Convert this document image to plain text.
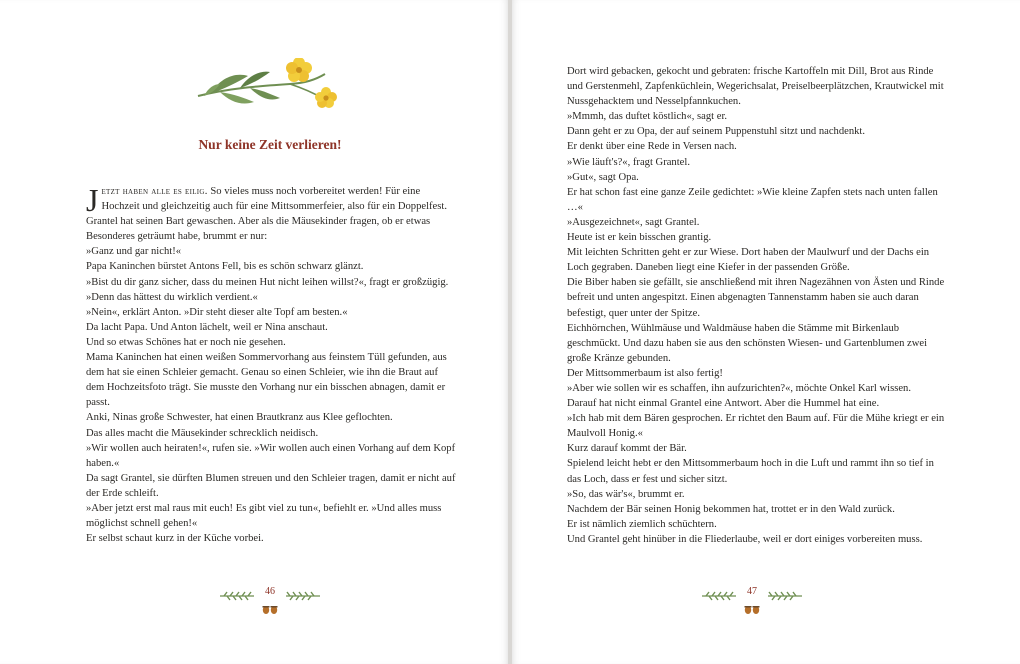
Nur keine Zeit verlieren!

Jetzt haben alle es eilig. So vieles muss noch vorbereitet werden! Für eine Hochzeit und gleichzeitig auch für eine Mittsommerfeier, also für ein Doppelfest.

Grantel hat seinen Bart gewaschen. Aber als die Mäusekinder fragen, ob er etwas Besonderes geträumt habe, brummt er nur:

»Ganz und gar nicht!«

Papa Kaninchen bürstet Antons Fell, bis es schön schwarz glänzt.

»Bist du dir ganz sicher, dass du meinen Hut nicht leihen willst?«, fragt er großzügig. »Denn das hättest du wirklich verdient.«

»Nein«, erklärt Anton. »Dir steht dieser alte Topf am besten.«

Da lacht Papa. Und Anton lächelt, weil er Nina anschaut.

Und so etwas Schönes hat er noch nie gesehen.

Mama Kaninchen hat einen weißen Sommervorhang aus feinstem Tüll gefunden, aus dem hat sie einen Schleier gemacht. Genau so einen Schleier, wie ihn die Braut auf dem Hochzeitsfoto trägt. Sie musste den Vorhang nur ein bisschen abnagen, damit er passt.

Anki, Ninas große Schwester, hat einen Brautkranz aus Klee geflochten.

Das alles macht die Mäusekinder schrecklich neidisch.

»Wir wollen auch heiraten!«, rufen sie. »Wir wollen auch einen Vorhang auf dem Kopf haben.«

Da sagt Grantel, sie dürften Blumen streuen und den Schleier tragen, damit er nicht auf der Erde schleift.

»Aber jetzt erst mal raus mit euch! Es gibt viel zu tun«, befiehlt er. »Und alles muss möglichst schnell gehen!«

Er selbst schaut kurz in der Küche vorbei.

46

Dort wird gebacken, gekocht und gebraten: frische Kartoffeln mit Dill, Brot aus Rinde und Gerstenmehl, Zapfenküchlein, Wegerichsalat, Preiselbeerplätzchen, Krautwickel mit Nussgehacktem und Nesselpfannkuchen.

»Mmmh, das duftet köstlich«, sagt er.

Dann geht er zu Opa, der auf seinem Puppenstuhl sitzt und nachdenkt.

Er denkt über eine Rede in Versen nach.

»Wie läuft's?«, fragt Grantel.

»Gut«, sagt Opa.

Er hat schon fast eine ganze Zeile gedichtet: »Wie kleine Zapfen stets nach unten fallen …«

»Ausgezeichnet«, sagt Grantel.

Heute ist er kein bisschen grantig.

Mit leichten Schritten geht er zur Wiese. Dort haben der Maulwurf und der Dachs ein Loch gegraben. Daneben liegt eine Kiefer in der passenden Größe.

Die Biber haben sie gefällt, sie anschließend mit ihren Nagezähnen von Ästen und Rinde befreit und unten angespitzt. Einen abgenagten Tannenstamm haben sie auch daran befestigt, quer unter der Spitze.

Eichhörnchen, Wühlmäuse und Waldmäuse haben die Stämme mit Birkenlaub geschmückt. Und dazu haben sie aus den schönsten Wiesen- und Gartenblumen zwei große Kränze gebunden.

Der Mittsommerbaum ist also fertig!

»Aber wie sollen wir es schaffen, ihn aufzurichten?«, möchte Onkel Karl wissen.

Darauf hat nicht einmal Grantel eine Antwort. Aber die Hummel hat eine.

»Ich hab mit dem Bären gesprochen. Er richtet den Baum auf. Für die Mühe kriegt er ein Maulvoll Honig.«

Kurz darauf kommt der Bär.

Spielend leicht hebt er den Mittsommerbaum hoch in die Luft und rammt ihn so tief in das Loch, dass er fest und sicher sitzt.

»So, das wär's«, brummt er.

Nachdem der Bär seinen Honig bekommen hat, trottet er in den Wald zurück.

Er ist nämlich ziemlich schüchtern.

Und Grantel geht hinüber in die Fliederlaube, weil er dort einiges vorbereiten muss.

47
